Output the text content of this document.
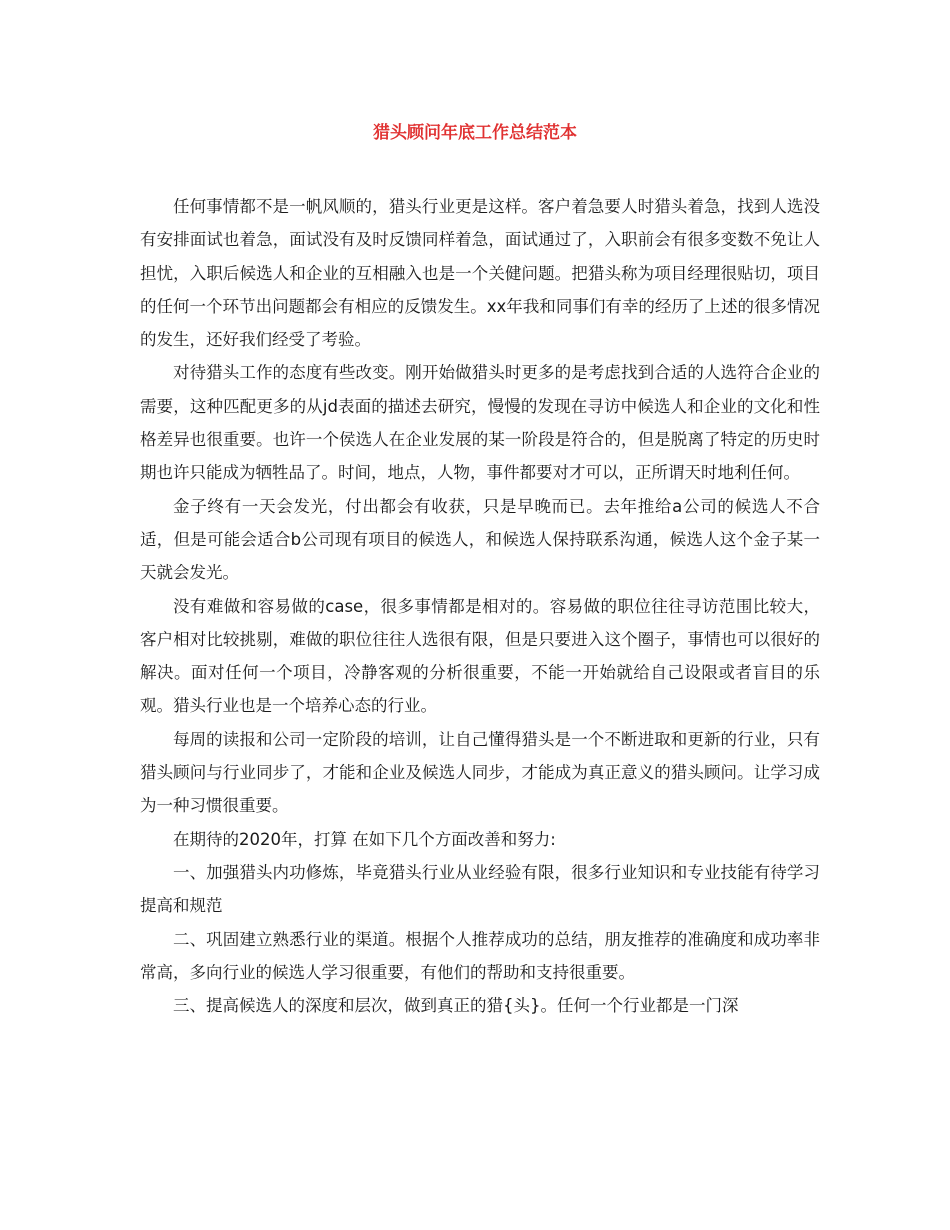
猎头顾问年底工作总结范本

任何事情都不是一帆风顺的，猎头行业更是这样。客户着急要人时猎头着急，找到人选没有安排面试也着急，面试没有及时反馈同样着急，面试通过了，入职前会有很多变数不免让人担忧，入职后候选人和企业的互相融入也是一个关健问题。把猎头称为项目经理很贴切，项目的任何一个环节出问题都会有相应的反馈发生。xx年我和同事们有幸的经历了上述的很多情况的发生，还好我们经受了考验。

对待猎头工作的态度有些改变。刚开始做猎头时更多的是考虑找到合适的人选符合企业的需要，这种匹配更多的从jd表面的描述去研究，慢慢的发现在寻访中候选人和企业的文化和性格差异也很重要。也许一个侯选人在企业发展的某一阶段是符合的，但是脱离了特定的历史时期也许只能成为牺牲品了。时间，地点，人物，事件都要对才可以，正所谓天时地利任何。

金子终有一天会发光，付出都会有收获，只是早晚而已。去年推给a公司的候选人不合适，但是可能会适合b公司现有项目的候选人，和候选人保持联系沟通，候选人这个金子某一天就会发光。

没有难做和容易做的case，很多事情都是相对的。容易做的职位往往寻访范围比较大，客户相对比较挑剔，难做的职位往往人选很有限，但是只要进入这个圈子，事情也可以很好的解决。面对任何一个项目，冷静客观的分析很重要，不能一开始就给自己设限或者盲目的乐观。猎头行业也是一个培养心态的行业。

每周的读报和公司一定阶段的培训，让自己懂得猎头是一个不断进取和更新的行业，只有猎头顾问与行业同步了，才能和企业及候选人同步，才能成为真正意义的猎头顾问。让学习成为一种习惯很重要。

在期待的2020年，打算 在如下几个方面改善和努力:

一、加强猎头内功修炼，毕竟猎头行业从业经验有限，很多行业知识和专业技能有待学习提高和规范

二、巩固建立熟悉行业的渠道。根据个人推荐成功的总结，朋友推荐的准确度和成功率非常高，多向行业的候选人学习很重要，有他们的帮助和支持很重要。

三、提高候选人的深度和层次，做到真正的猎{头}。任何一个行业都是一门深
